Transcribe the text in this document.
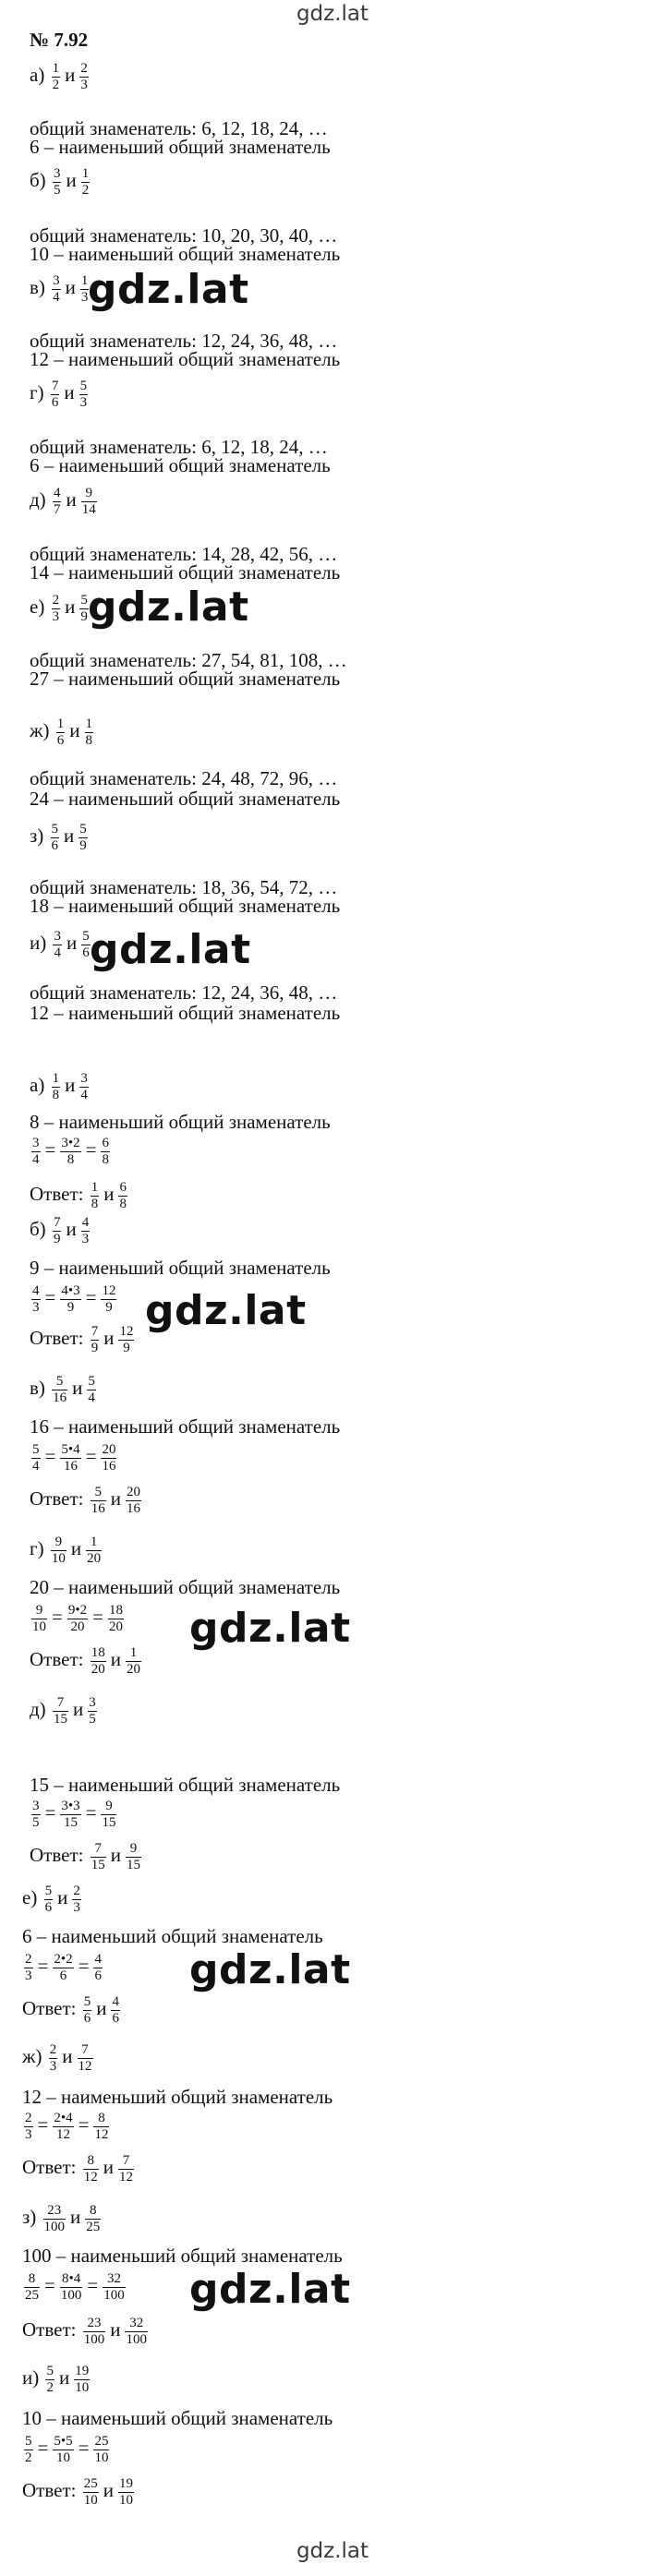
gdz.lat
№ 7.92
$а) \frac{1}{2}$ и $\frac{2}{3}$
общий знаменатель: 6, 12, 18, 24, …
6 – наименьший общий знаменатель
$б) \frac{3}{5}$ и $\frac{1}{2}$
общий знаменатель: 10, 20, 30, 40, …
10 – наименьший общий знаменатель
$в) \frac{3}{4}$ и $\frac{1}{3}$
общий знаменатель: 12, 24, 36, 48, …
12 – наименьший общий знаменатель
$г) \frac{7}{6}$ и $\frac{5}{3}$
общий знаменатель: 6, 12, 18, 24, …
6 – наименьший общий знаменатель
$д) \frac{4}{7}$ и $\frac{9}{14}$
общий знаменатель: 14, 28, 42, 56, …
14 – наименьший общий знаменатель
$е) \frac{2}{3}$ и $\frac{5}{9}$
общий знаменатель: 27, 54, 81, 108, …
27 – наименьший общий знаменатель
$ж) \frac{1}{6}$ и $\frac{1}{8}$
общий знаменатель: 24, 48, 72, 96, …
24 – наименьший общий знаменатель
$з) \frac{5}{6}$ и $\frac{5}{9}$
общий знаменатель: 18, 36, 54, 72, …
18 – наименьший общий знаменатель
$и) \frac{3}{4}$ и $\frac{5}{6}$
общий знаменатель: 12, 24, 36, 48, …
12 – наименьший общий знаменатель
$а) \frac{1}{8}$ и $\frac{3}{4}$
8 – наименьший общий знаменатель
$\frac{3}{4} = \frac{3•2}{8} = \frac{6}{8}$
Ответ: $\frac{1}{8}$ и $\frac{6}{8}$
$б) \frac{7}{9}$ и $\frac{4}{3}$
9 – наименьший общий знаменатель
$\frac{4}{3} = \frac{4•3}{9} = \frac{12}{9}$
Ответ: $\frac{7}{9}$ и $\frac{12}{9}$
$в) \frac{5}{16}$ и $\frac{5}{4}$
16 – наименьший общий знаменатель
$\frac{5}{4} = \frac{5•4}{16} = \frac{20}{16}$
Ответ: $\frac{5}{16}$ и $\frac{20}{16}$
$г) \frac{9}{10}$ и $\frac{1}{20}$
20 – наименьший общий знаменатель
$\frac{9}{10} = \frac{9•2}{20} = \frac{18}{20}$
Ответ: $\frac{18}{20}$ и $\frac{1}{20}$
$д) \frac{7}{15}$ и $\frac{3}{5}$
15 – наименьший общий знаменатель
$\frac{3}{5} = \frac{3•3}{15} = \frac{9}{15}$
Ответ: $\frac{7}{15}$ и $\frac{9}{15}$
$е) \frac{5}{6}$ и $\frac{2}{3}$
6 – наименьший общий знаменатель
$\frac{2}{3} = \frac{2•2}{6} = \frac{4}{6}$
Ответ: $\frac{5}{6}$ и $\frac{4}{6}$
$ж) \frac{2}{3}$ и $\frac{7}{12}$
12 – наименьший общий знаменатель
$\frac{2}{3} = \frac{2•4}{12} = \frac{8}{12}$
Ответ: $\frac{8}{12}$ и $\frac{7}{12}$
$з) \frac{23}{100}$ и $\frac{8}{25}$
100 – наименьший общий знаменатель
$\frac{8}{25} = \frac{8•4}{100} = \frac{32}{100}$
Ответ: $\frac{23}{100}$ и $\frac{32}{100}$
$и) \frac{5}{2}$ и $\frac{19}{10}$
10 – наименьший общий знаменатель
$\frac{5}{2} = \frac{5•5}{10} = \frac{25}{10}$
Ответ: $\frac{25}{10}$ и $\frac{19}{10}$
gdz.lat
gdz.lat
gdz.lat
gdz.lat
gdz.lat
gdz.lat
gdz.lat
gdz.lat
